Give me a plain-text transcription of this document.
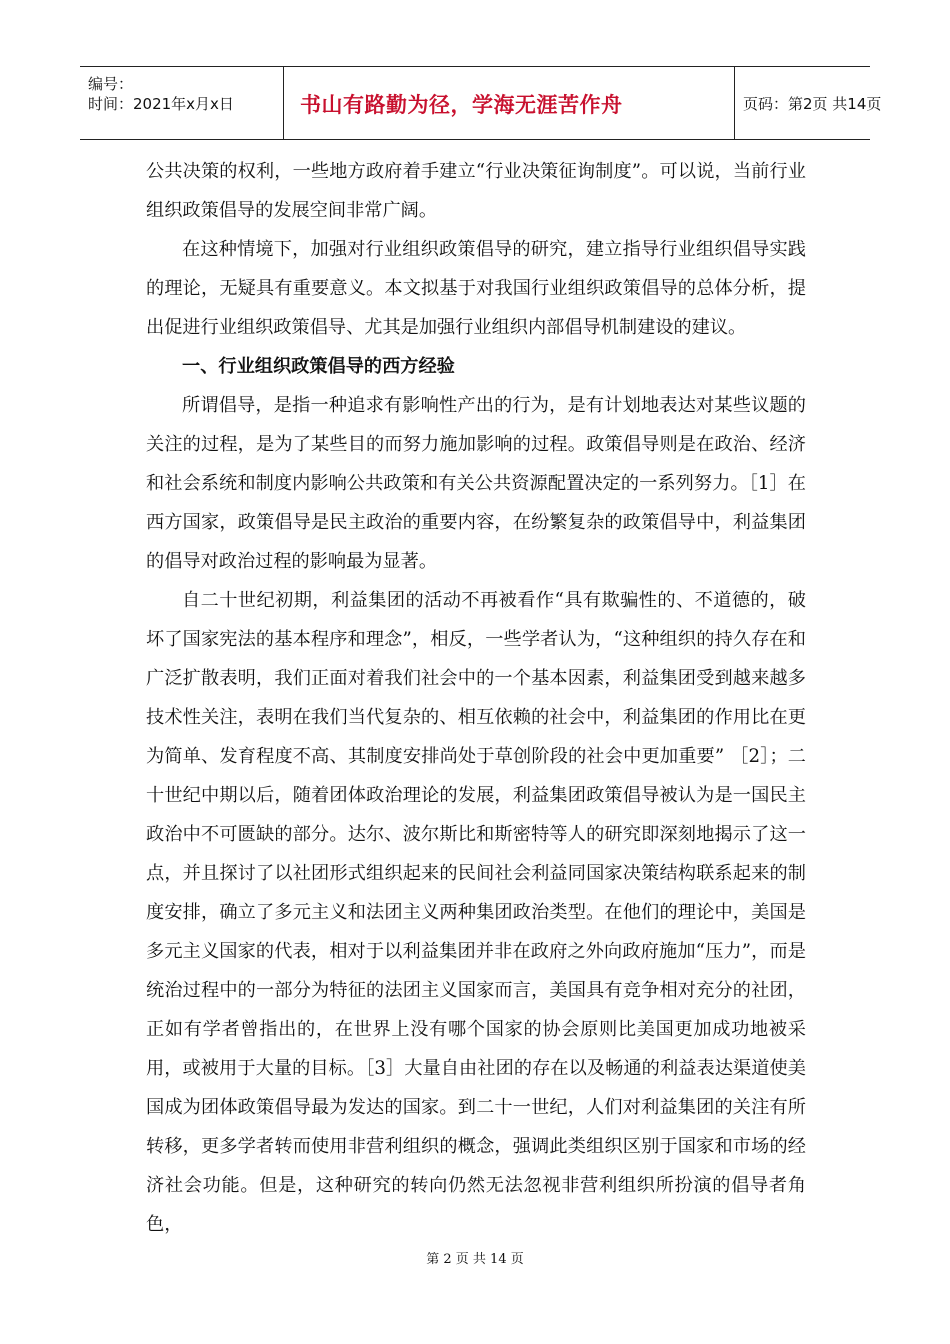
编号：
时间：2021年x月x日	书山有路勤为径，学海无涯苦作舟	页码：第2页 共14页

公共决策的权利，一些地方政府着手建立“行业决策征询制度”。可以说，当前行业组织政策倡导的发展空间非常广阔。

在这种情境下，加强对行业组织政策倡导的研究，建立指导行业组织倡导实践的理论，无疑具有重要意义。本文拟基于对我国行业组织政策倡导的总体分析，提出促进行业组织政策倡导、尤其是加强行业组织内部倡导机制建设的建议。

一、行业组织政策倡导的西方经验

所谓倡导，是指一种追求有影响性产出的行为，是有计划地表达对某些议题的关注的过程，是为了某些目的而努力施加影响的过程。政策倡导则是在政治、经济和社会系统和制度内影响公共政策和有关公共资源配置决定的一系列努力。［1］在西方国家，政策倡导是民主政治的重要内容，在纷繁复杂的政策倡导中，利益集团的倡导对政治过程的影响最为显著。

自二十世纪初期，利益集团的活动不再被看作“具有欺骗性的、不道德的，破坏了国家宪法的基本程序和理念”，相反，一些学者认为，“这种组织的持久存在和广泛扩散表明，我们正面对着我们社会中的一个基本因素，利益集团受到越来越多技术性关注，表明在我们当代复杂的、相互依赖的社会中，利益集团的作用比在更为简单、发育程度不高、其制度安排尚处于草创阶段的社会中更加重要” ［2］；二十世纪中期以后，随着团体政治理论的发展，利益集团政策倡导被认为是一国民主政治中不可匮缺的部分。达尔、波尔斯比和斯密特等人的研究即深刻地揭示了这一点，并且探讨了以社团形式组织起来的民间社会利益同国家决策结构联系起来的制度安排，确立了多元主义和法团主义两种集团政治类型。在他们的理论中，美国是多元主义国家的代表，相对于以利益集团并非在政府之外向政府施加“压力”，而是统治过程中的一部分为特征的法团主义国家而言，美国具有竞争相对充分的社团，正如有学者曾指出的，在世界上没有哪个国家的协会原则比美国更加成功地被采用，或被用于大量的目标。［3］大量自由社团的存在以及畅通的利益表达渠道使美国成为团体政策倡导最为发达的国家。到二十一世纪，人们对利益集团的关注有所转移，更多学者转而使用非营利组织的概念，强调此类组织区别于国家和市场的经济社会功能。但是，这种研究的转向仍然无法忽视非营利组织所扮演的倡导者角色，

第 2 页 共 14 页
